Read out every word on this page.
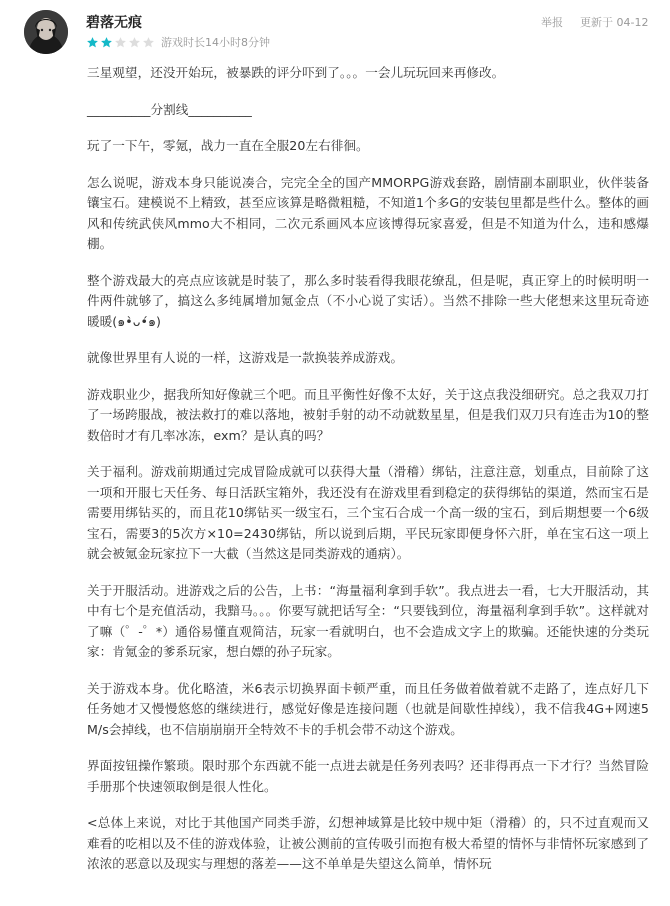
碧落无痕
游戏时长14小时8分钟
举报 更新于 04-12

三星观望，还没开始玩，被暴跌的评分吓到了。。。一会儿玩玩回来再修改。

__________分割线__________

玩了一下午，零氪，战力一直在全服20左右徘徊。

怎么说呢，游戏本身只能说凑合，完完全全的国产MMORPG游戏套路，剧情副本副职业，伙伴装备镶宝石。建模说不上精致，甚至应该算是略微粗糙，不知道1个多G的安装包里都是些什么。整体的画风和传统武侠风mmo大不相同，二次元系画风本应该博得玩家喜爱，但是不知道为什么，违和感爆棚。

整个游戏最大的亮点应该就是时装了，那么多时装看得我眼花缭乱，但是呢，真正穿上的时候明明一件两件就够了，搞这么多纯属增加氪金点（不小心说了实话）。当然不排除一些大佬想来这里玩奇迹暖暖(๑•̀ᴗ•́๑)

就像世界里有人说的一样，这游戏是一款换装养成游戏。

游戏职业少，据我所知好像就三个吧。而且平衡性好像不太好，关于这点我没细研究。总之我双刀打了一场跨服战，被法救打的难以落地，被射手射的动不动就数星星，但是我们双刀只有连击为10的整数倍时才有几率冰冻，exm？是认真的吗？

关于福利。游戏前期通过完成冒险成就可以获得大量（滑稽）绑钻，注意注意，划重点，目前除了这一项和开服七天任务、每日活跃宝箱外，我还没有在游戏里看到稳定的获得绑钻的渠道，然而宝石是需要用绑钻买的，而且花10绑钻买一级宝石，三个宝石合成一个高一级的宝石，到后期想要一个6级宝石，需要3的5次方×10=2430绑钻，所以说到后期，平民玩家即便身怀六肝，单在宝石这一项上就会被氪金玩家拉下一大截（当然这是同类游戏的通病）。

关于开服活动。进游戏之后的公告，上书：“海量福利拿到手软”。我点进去一看，七大开服活动，其中有七个是充值活动，我黯马。。。你要写就把话写全：“只要钱到位，海量福利拿到手软”。这样就对了嘛（゜-゜*）通俗易懂直观简洁，玩家一看就明白，也不会造成文字上的欺骗。还能快速的分类玩家：肯氪金的爹系玩家，想白嫖的孙子玩家。

关于游戏本身。优化略渣，米6表示切换界面卡顿严重，而且任务做着做着就不走路了，连点好几下任务她才又慢慢悠悠的继续进行，感觉好像是连接问题（也就是间歇性掉线），我不信我4G+网速5M/s会掉线，也不信崩崩崩开全特效不卡的手机会带不动这个游戏。

界面按钮操作繁琐。限时那个东西就不能一点进去就是任务列表吗？还非得再点一下才行？当然冒险手册那个快速领取倒是很人性化。

<总体上来说，对比于其他国产同类手游，幻想神域算是比较中规中矩（滑稽）的，只不过直观而又难看的吃相以及不佳的游戏体验，让被公测前的宣传吸引而抱有极大希望的情怀与非情怀玩家感到了浓浓的恶意以及现实与理想的落差——这不单单是失望这么简单，情怀玩
